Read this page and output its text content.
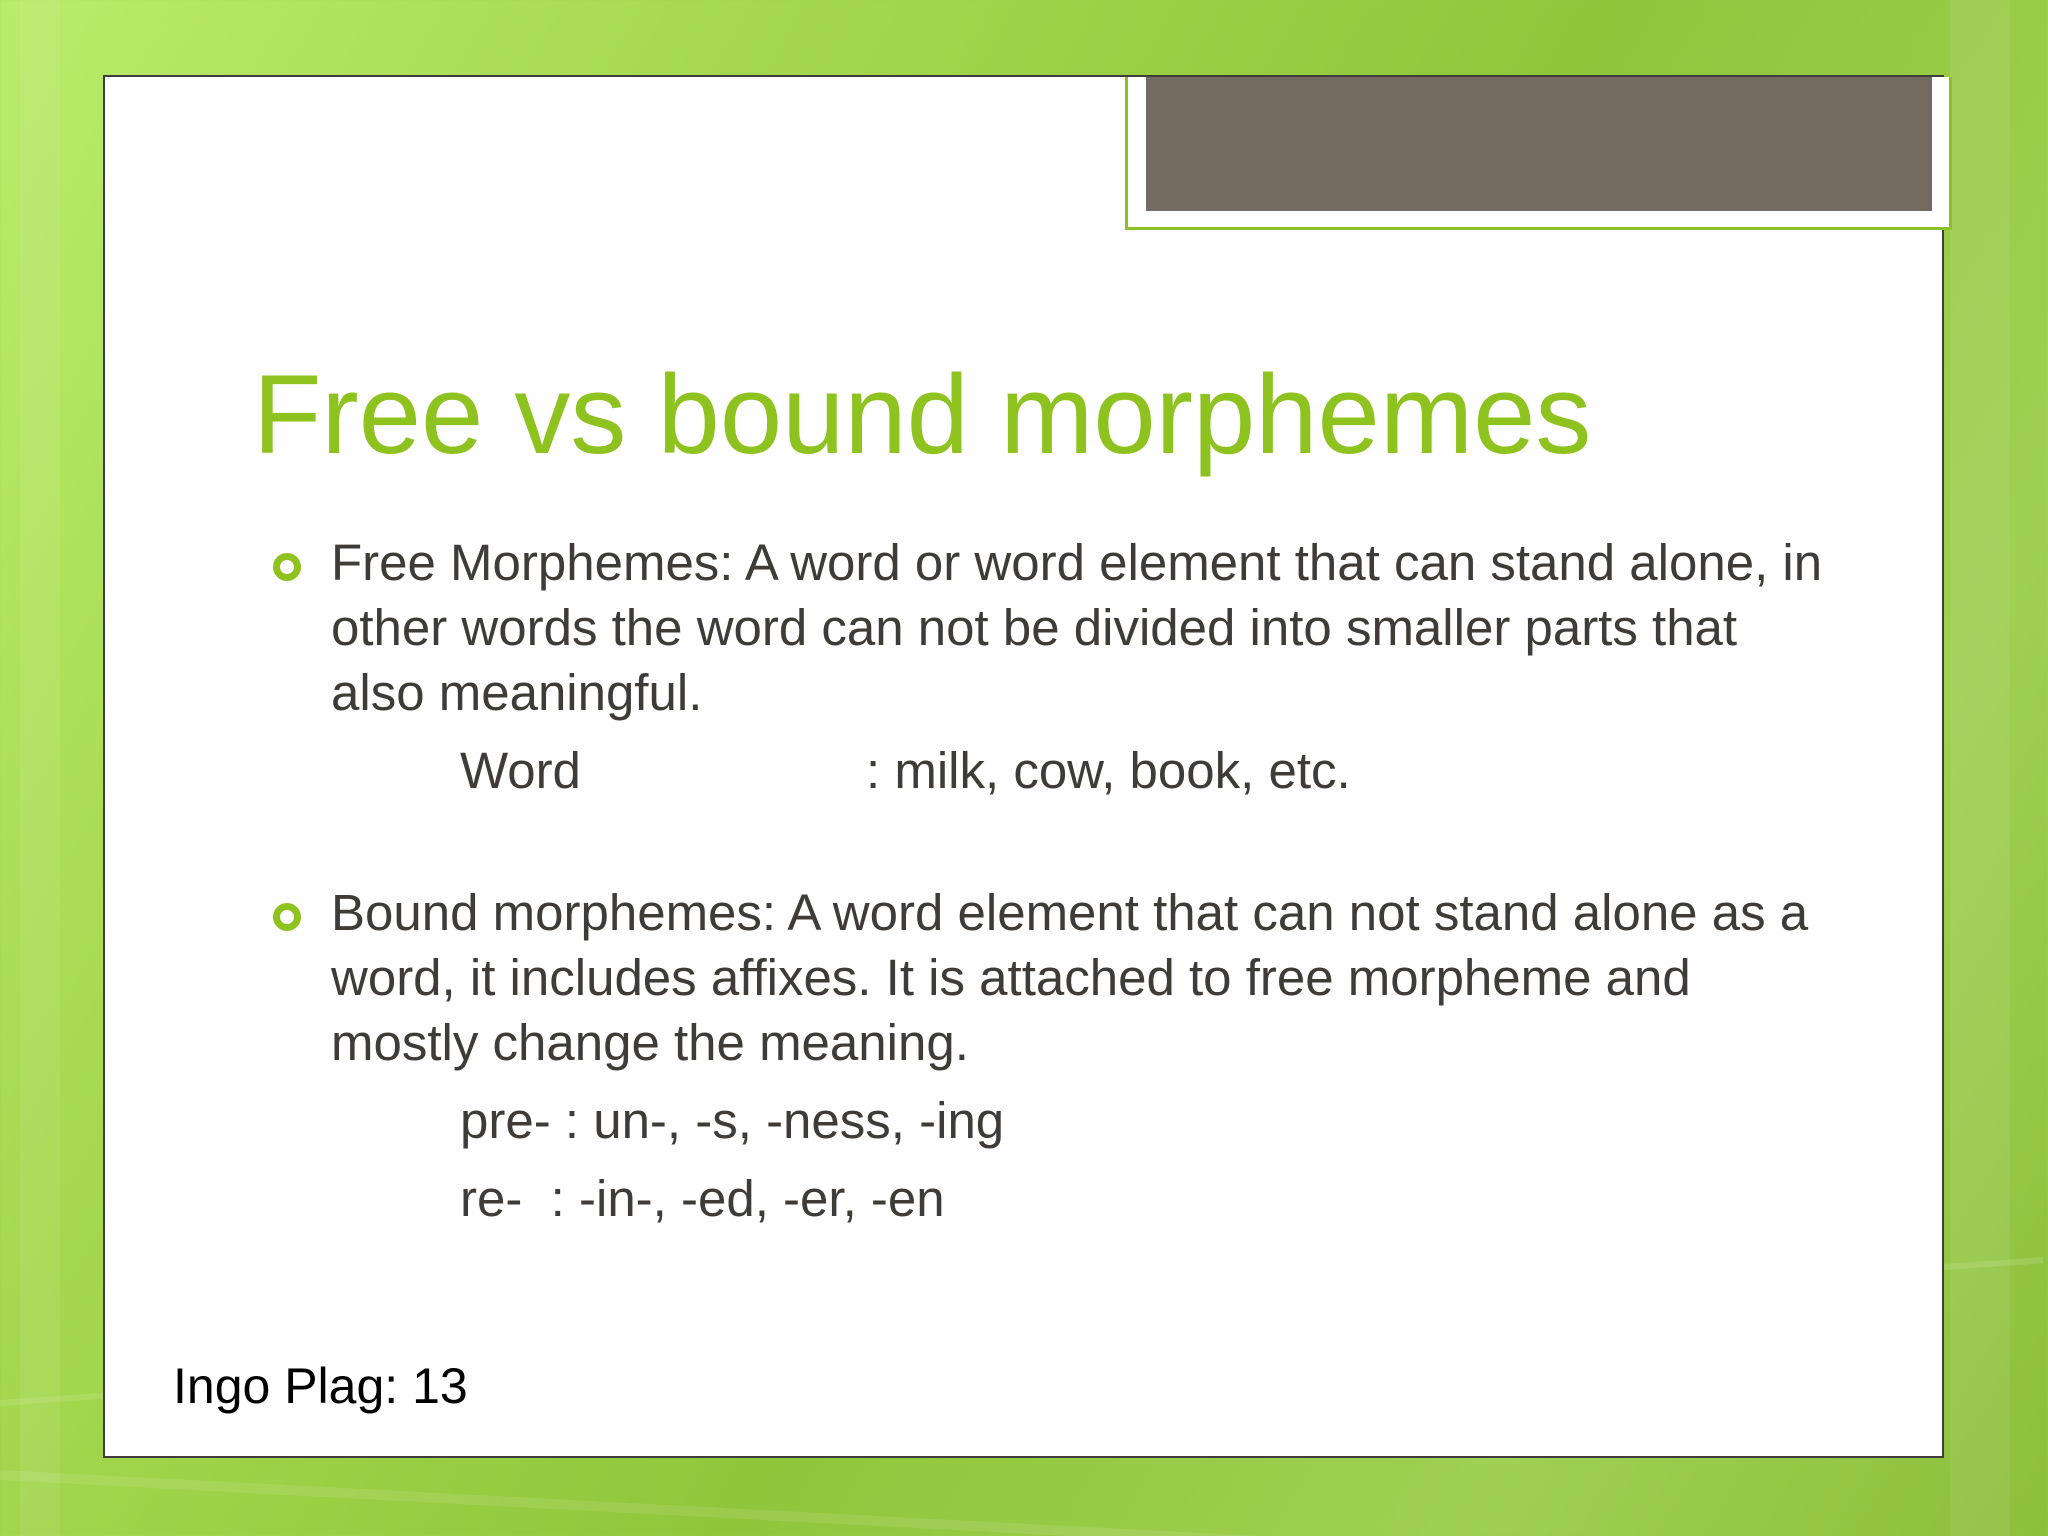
Free vs bound morphemes

Free Morphemes: A word or word element that can stand alone, in other words the word can not be divided into smaller parts that also meaningful.

Word	: milk, cow, book, etc.

Bound morphemes: A word element that can not stand alone as a word, it includes affixes. It is attached to free morpheme and mostly change the meaning.

pre- : un-, -s, -ness, -ing

re-  : -in-, -ed, -er, -en

Ingo Plag: 13
